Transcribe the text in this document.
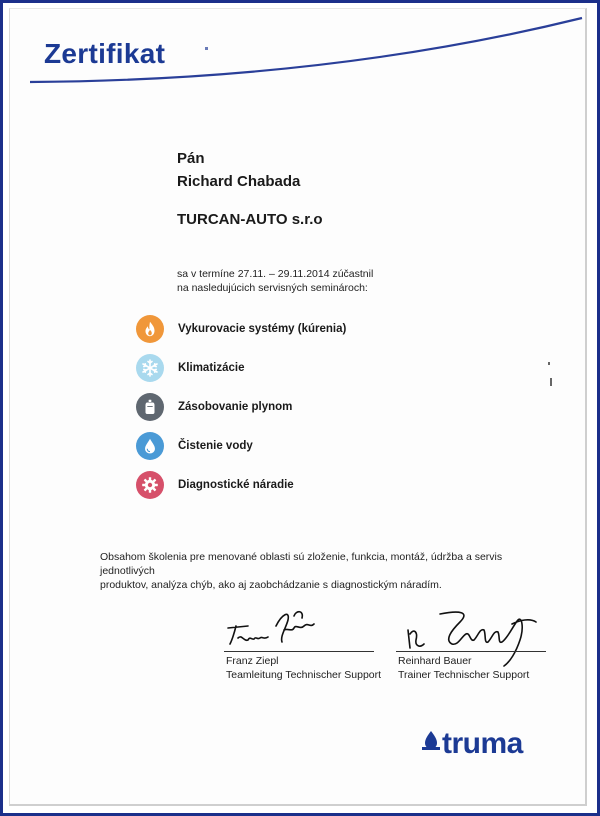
Zertifikat
Pán
Richard Chabada
TURCAN-AUTO s.r.o
sa v termíne 27.11. – 29.11.2014 zúčastnil
na nasledujúcich servisných seminároch:
Vykurovacie systémy (kúrenia)
Klimatizácie
Zásobovanie plynom
Čistenie vody
Diagnostické náradie
Obsahom školenia pre menované oblasti sú zloženie, funkcia, montáž, údržba a servis jednotlivých
produktov, analýza chýb, ako aj zaobchádzanie s diagnostickým náradím.
Franz Ziepl
Teamleitung Technischer Support
Reinhard Bauer
Trainer Technischer Support
truma
